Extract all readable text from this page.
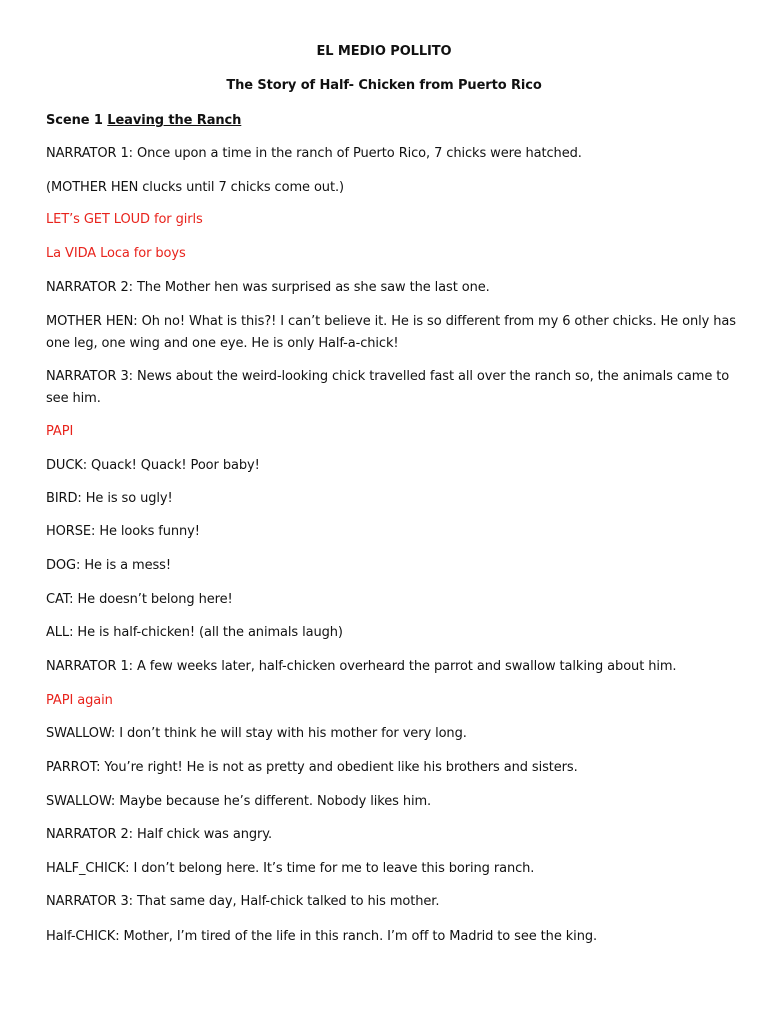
EL MEDIO POLLITO
The Story of Half- Chicken from Puerto Rico
Scene 1 Leaving the Ranch
NARRATOR 1: Once upon a time in the ranch of Puerto Rico, 7 chicks were hatched.
(MOTHER HEN clucks until 7 chicks come out.)
LET’s GET LOUD for girls
La VIDA Loca for boys
NARRATOR 2: The Mother hen was surprised as she saw the last one.
MOTHER HEN: Oh no! What is this?! I can’t believe it. He is so different from my 6 other chicks. He only has one leg, one wing and one eye. He is only Half-a-chick!
NARRATOR 3: News about the weird-looking chick travelled fast all over the ranch so, the animals came to see him.
PAPI
DUCK: Quack! Quack! Poor baby!
BIRD: He is so ugly!
HORSE: He looks funny!
DOG: He is a mess!
CAT: He doesn’t belong here!
ALL: He is half-chicken! (all the animals laugh)
NARRATOR 1: A few weeks later, half-chicken overheard the parrot and swallow talking about him.
PAPI again
SWALLOW: I don’t think he will stay with his mother for very long.
PARROT: You’re right! He is not as pretty and obedient like his brothers and sisters.
SWALLOW: Maybe because he’s different. Nobody likes him.
NARRATOR 2: Half chick was angry.
HALF_CHICK: I don’t belong here. It’s time for me to leave this boring ranch.
NARRATOR 3: That same day, Half-chick talked to his mother.
Half-CHICK: Mother, I’m tired of the life in this ranch. I’m off to Madrid to see the king.
